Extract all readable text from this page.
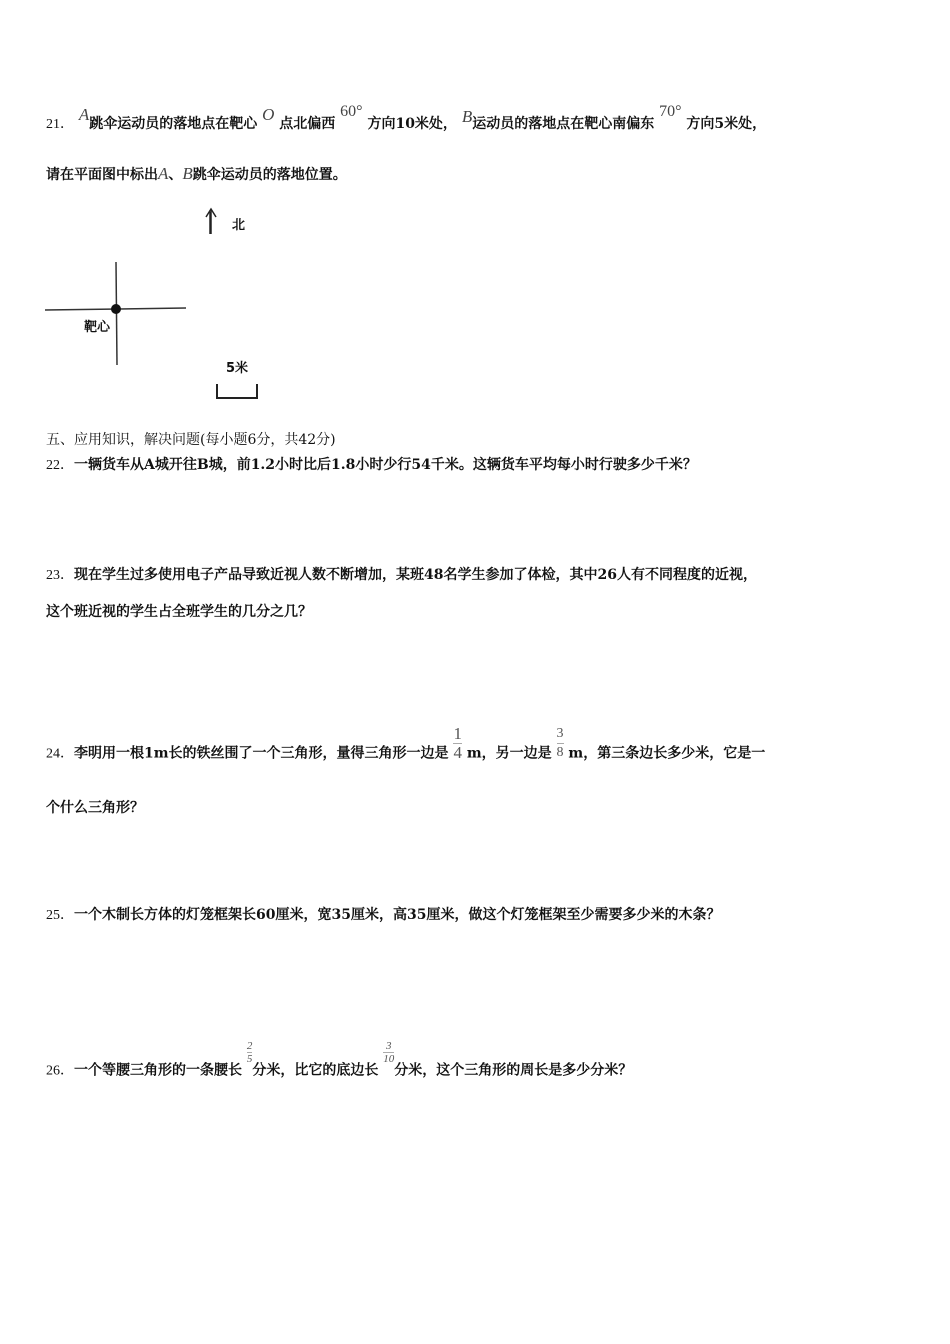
21． A跳伞运动员的落地点在靶心 O 点北偏西 60° 方向10米处， B运动员的落地点在靶心南偏东 70° 方向5米处，
请在平面图中标出A、B跳伞运动员的落地位置。
北
靶心
5米
五、应用知识，解决问题(每小题6分，共42分)
22．一辆货车从A城开往B城，前1.2小时比后1.8小时少行54千米。这辆货车平均每小时行驶多少千米？
23．现在学生过多使用电子产品导致近视人数不断增加，某班48名学生参加了体检，其中26人有不同程度的近视，
这个班近视的学生占全班学生的几分之几？
24．李明用一根1m长的铁丝围了一个三角形，量得三角形一边是 $\frac{1}{4}$ m，另一边是 $\frac{3}{8}$ m，第三条边长多少米，它是一
个什么三角形？
25．一个木制长方体的灯笼框架长60厘米，宽35厘米，高35厘米，做这个灯笼框架至少需要多少米的木条？
26．一个等腰三角形的一条腰长
$\frac{2}{5}$
分米，比它的底边长
$\frac{3}{10}$
分米，这个三角形的周长是多少分米？
